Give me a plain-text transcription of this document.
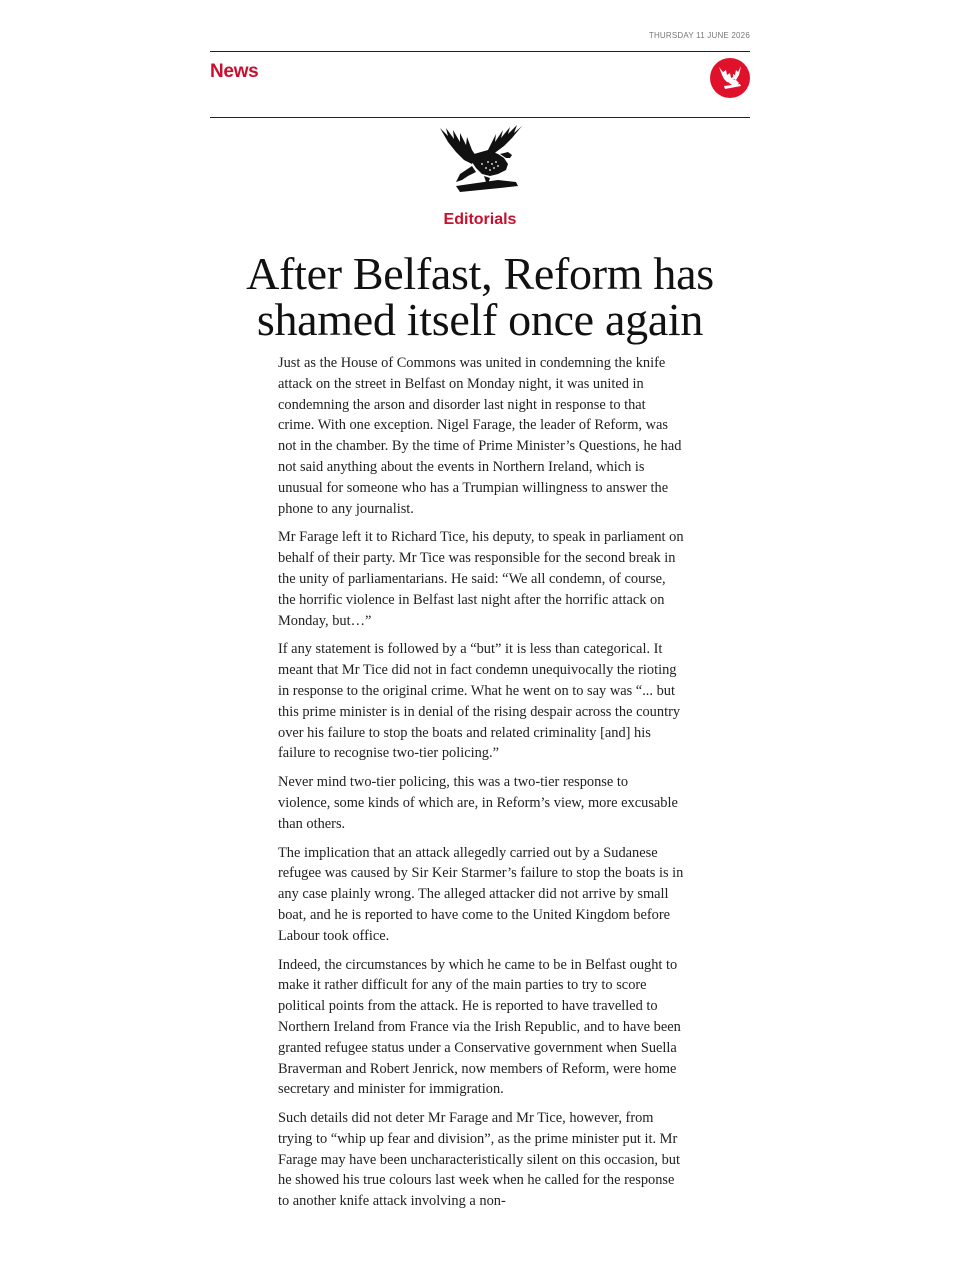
THURSDAY 11 JUNE 2026
News
Editorials
After Belfast, Reform has shamed itself once again

Just as the House of Commons was united in condemning the knife attack on the street in Belfast on Monday night, it was united in condemning the arson and disorder last night in response to that crime. With one exception. Nigel Farage, the leader of Reform, was not in the chamber. By the time of Prime Minister’s Questions, he had not said anything about the events in Northern Ireland, which is unusual for someone who has a Trumpian willingness to answer the phone to any journalist.

Mr Farage left it to Richard Tice, his deputy, to speak in parliament on behalf of their party. Mr Tice was responsible for the second break in the unity of parliamentarians. He said: “We all condemn, of course, the horrific violence in Belfast last night after the horrific attack on Monday, but…”

If any statement is followed by a “but” it is less than categorical. It meant that Mr Tice did not in fact condemn unequivocally the rioting in response to the original crime. What he went on to say was “... but this prime minister is in denial of the rising despair across the country over his failure to stop the boats and related criminality [and] his failure to recognise two-tier policing.”

Never mind two-tier policing, this was a two-tier response to violence, some kinds of which are, in Reform’s view, more excusable than others.

The implication that an attack allegedly carried out by a Sudanese refugee was caused by Sir Keir Starmer’s failure to stop the boats is in any case plainly wrong. The alleged attacker did not arrive by small boat, and he is reported to have come to the United Kingdom before Labour took office.

Indeed, the circumstances by which he came to be in Belfast ought to make it rather difficult for any of the main parties to try to score political points from the attack. He is reported to have travelled to Northern Ireland from France via the Irish Republic, and to have been granted refugee status under a Conservative government when Suella Braverman and Robert Jenrick, now members of Reform, were home secretary and minister for immigration.

Such details did not deter Mr Farage and Mr Tice, however, from trying to “whip up fear and division”, as the prime minister put it. Mr Farage may have been uncharacteristically silent on this occasion, but he showed his true colours last week when he called for the response to another knife attack involving a non-
